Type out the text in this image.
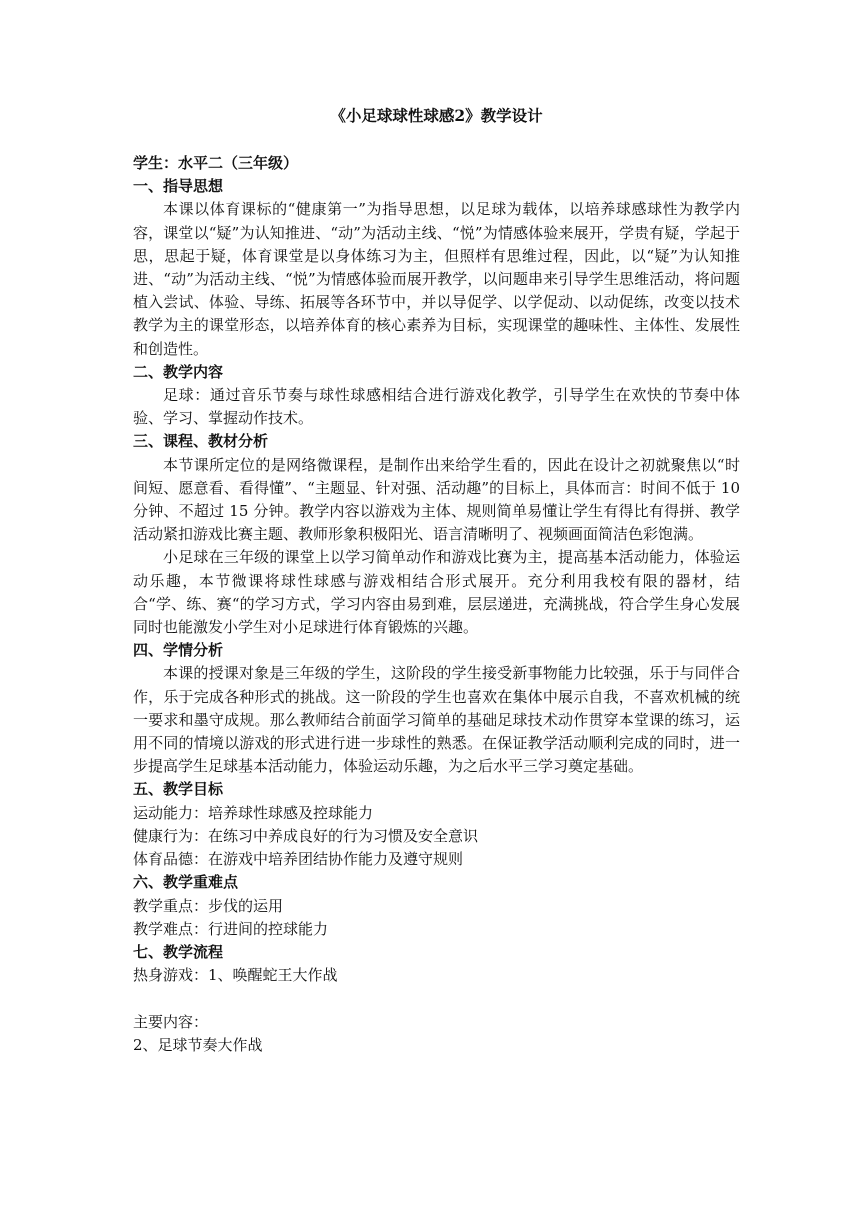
《小足球球性球感2》教学设计

学生：水平二（三年级）

一、指导思想

本课以体育课标的“健康第一”为指导思想，以足球为载体，以培养球感球性为教学内容，课堂以“疑”为认知推进、“动”为活动主线、“悦”为情感体验来展开，学贵有疑，学起于思，思起于疑，体育课堂是以身体练习为主，但照样有思维过程，因此，以“疑”为认知推进、“动”为活动主线、“悦”为情感体验而展开教学，以问题串来引导学生思维活动，将问题植入尝试、体验、导练、拓展等各环节中，并以导促学、以学促动、以动促练，改变以技术教学为主的课堂形态，以培养体育的核心素养为目标，实现课堂的趣味性、主体性、发展性和创造性。

二、教学内容

足球：通过音乐节奏与球性球感相结合进行游戏化教学，引导学生在欢快的节奏中体验、学习、掌握动作技术。

三、课程、教材分析

本节课所定位的是网络微课程，是制作出来给学生看的，因此在设计之初就聚焦以“时间短、愿意看、看得懂”、“主题显、针对强、活动趣”的目标上，具体而言：时间不低于 10 分钟、不超过 15 分钟。教学内容以游戏为主体、规则简单易懂让学生有得比有得拼、教学活动紧扣游戏比赛主题、教师形象积极阳光、语言清晰明了、视频画面简洁色彩饱满。

小足球在三年级的课堂上以学习简单动作和游戏比赛为主，提高基本活动能力，体验运动乐趣，本节微课将球性球感与游戏相结合形式展开。充分利用我校有限的器材，结合“学、练、赛“的学习方式，学习内容由易到难，层层递进，充满挑战，符合学生身心发展同时也能激发小学生对小足球进行体育锻炼的兴趣。

四、学情分析

本课的授课对象是三年级的学生，这阶段的学生接受新事物能力比较强，乐于与同伴合作，乐于完成各种形式的挑战。这一阶段的学生也喜欢在集体中展示自我，不喜欢机械的统一要求和墨守成规。那么教师结合前面学习简单的基础足球技术动作贯穿本堂课的练习，运用不同的情境以游戏的形式进行进一步球性的熟悉。在保证教学活动顺利完成的同时，进一步提高学生足球基本活动能力，体验运动乐趣，为之后水平三学习奠定基础。

五、教学目标

运动能力：培养球性球感及控球能力

健康行为：在练习中养成良好的行为习惯及安全意识

体育品德：在游戏中培养团结协作能力及遵守规则

六、教学重难点

教学重点：步伐的运用

教学难点：行进间的控球能力

七、教学流程

热身游戏：1、唤醒蛇王大作战

主要内容：

2、足球节奏大作战
